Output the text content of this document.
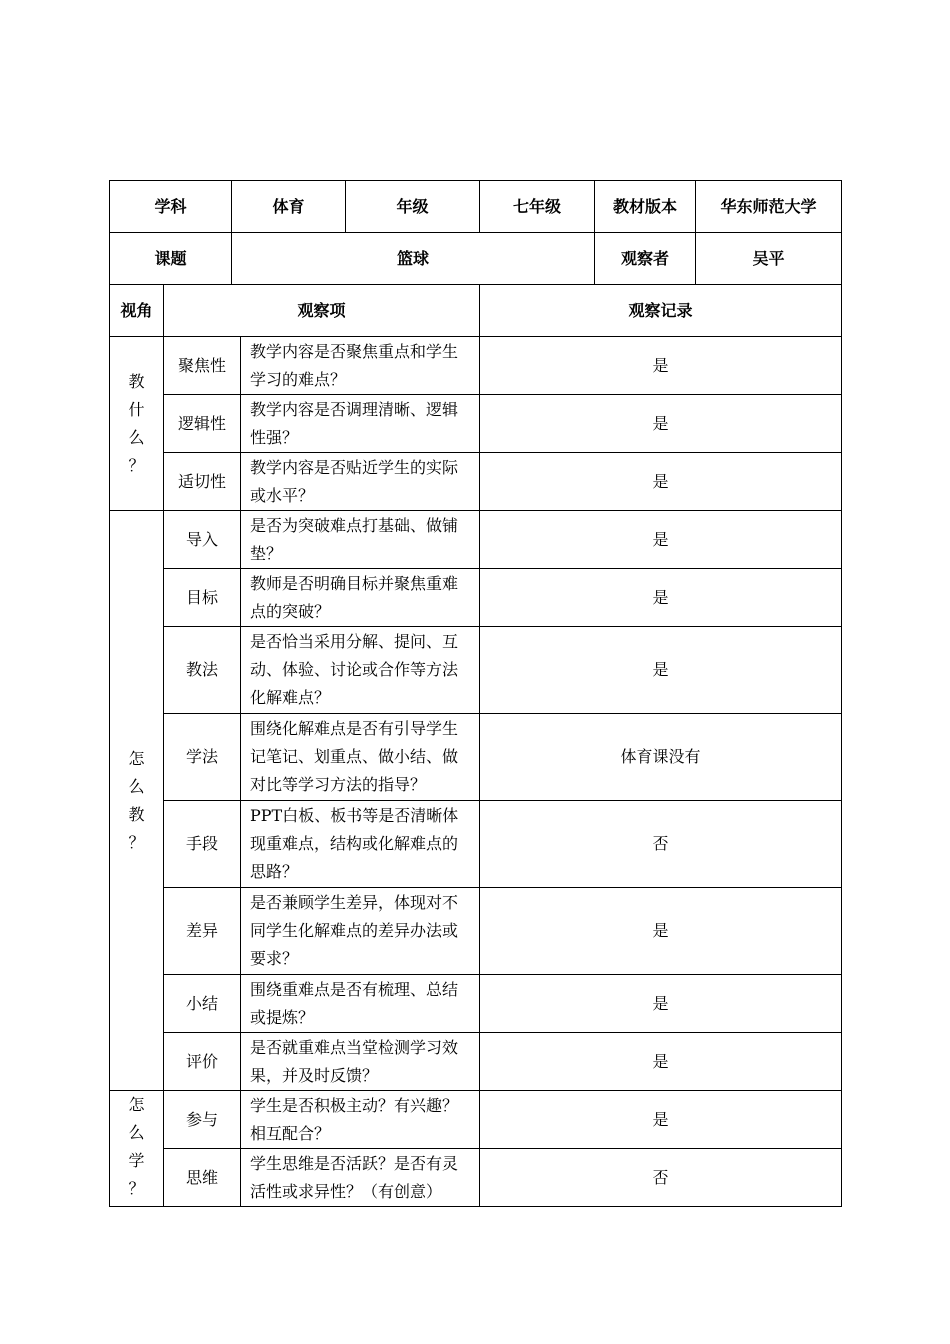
学科		体育		年级	七年级	教材版本	华东师范大学
课题		篮球				观察者	吴平
视角	观察项				观察记录		

教
什
么
？	聚焦性		教学内容是否聚焦重点和学生学习的难点？		是		
	逻辑性		教学内容是否调理清晰、逻辑性强？		是		
	适切性		教学内容是否贴近学生的实际或水平？		是		

怎
么
教
？	导入		是否为突破难点打基础、做铺垫？		是		
	目标		教师是否明确目标并聚焦重难点的突破？		是		
	教法		是否恰当采用分解、提问、互动、体验、讨论或合作等方法化解难点？		是		
	学法		围绕化解难点是否有引导学生记笔记、划重点、做小结、做对比等学习方法的指导？		体育课没有		
	手段		PPT白板、板书等是否清晰体现重难点，结构或化解难点的思路？		否		
	差异		是否兼顾学生差异，体现对不同学生化解难点的差异办法或要求？		是		
	小结		围绕重难点是否有梳理、总结或提炼？		是		
	评价		是否就重难点当堂检测学习效果，并及时反馈？		是		

怎
么
学
？	参与		学生是否积极主动？有兴趣？相互配合？		是		
	思维		学生思维是否活跃？是否有灵活性或求异性？（有创意）		否		
